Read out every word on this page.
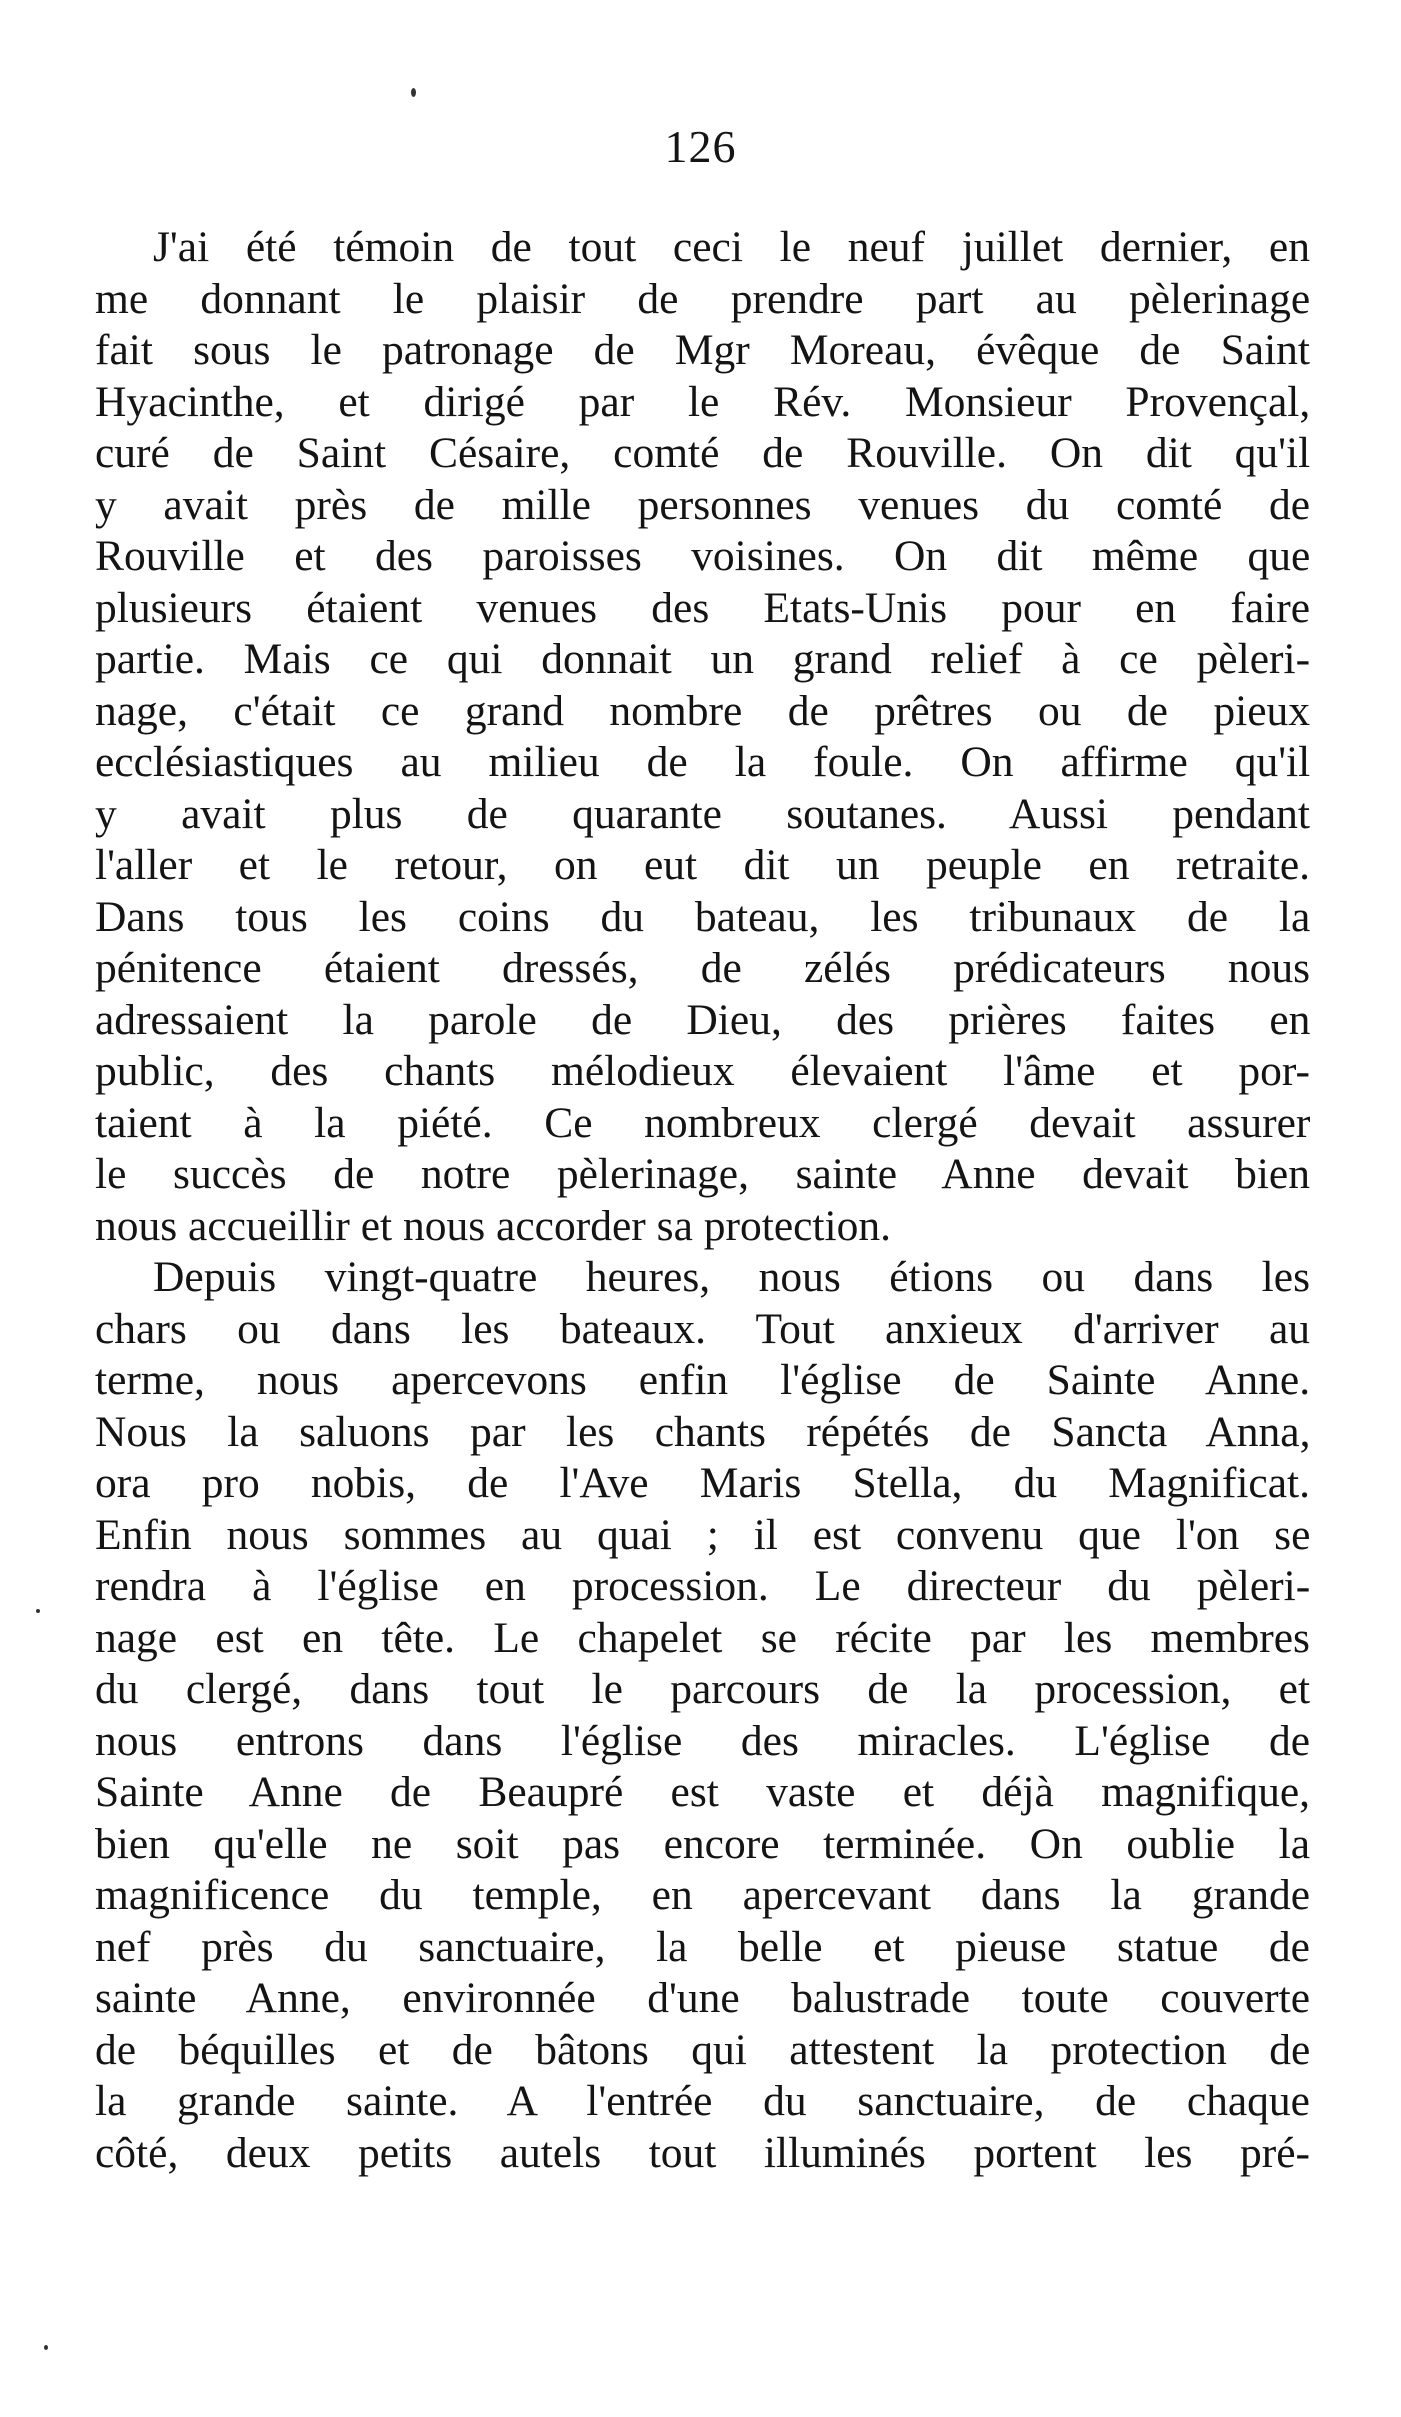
126

J'ai été témoin de tout ceci le neuf juillet dernier, en
me donnant le plaisir de prendre part au pèlerinage
fait sous le patronage de Mgr Moreau, évêque de Saint
Hyacinthe, et dirigé par le Rév. Monsieur Provençal,
curé de Saint Césaire, comté de Rouville. On dit qu'il
y avait près de mille personnes venues du comté de
Rouville et des paroisses voisines. On dit même que
plusieurs étaient venues des Etats-Unis pour en faire
partie. Mais ce qui donnait un grand relief à ce pèleri-
nage, c'était ce grand nombre de prêtres ou de pieux
ecclésiastiques au milieu de la foule. On affirme qu'il
y avait plus de quarante soutanes. Aussi pendant
l'aller et le retour, on eut dit un peuple en retraite.
Dans tous les coins du bateau, les tribunaux de la
pénitence étaient dressés, de zélés prédicateurs nous
adressaient la parole de Dieu, des prières faites en
public, des chants mélodieux élevaient l'âme et por-
taient à la piété. Ce nombreux clergé devait assurer
le succès de notre pèlerinage, sainte Anne devait bien
nous accueillir et nous accorder sa protection.

Depuis vingt-quatre heures, nous étions ou dans les
chars ou dans les bateaux. Tout anxieux d'arriver au
terme, nous apercevons enfin l'église de Sainte Anne.
Nous la saluons par les chants répétés de Sancta Anna,
ora pro nobis, de l'Ave Maris Stella, du Magnificat.
Enfin nous sommes au quai ; il est convenu que l'on se
rendra à l'église en procession. Le directeur du pèleri-
nage est en tête. Le chapelet se récite par les membres
du clergé, dans tout le parcours de la procession, et
nous entrons dans l'église des miracles. L'église de
Sainte Anne de Beaupré est vaste et déjà magnifique,
bien qu'elle ne soit pas encore terminée. On oublie la
magnificence du temple, en apercevant dans la grande
nef près du sanctuaire, la belle et pieuse statue de
sainte Anne, environnée d'une balustrade toute couverte
de béquilles et de bâtons qui attestent la protection de
la grande sainte. A l'entrée du sanctuaire, de chaque
côté, deux petits autels tout illuminés portent les pré-
